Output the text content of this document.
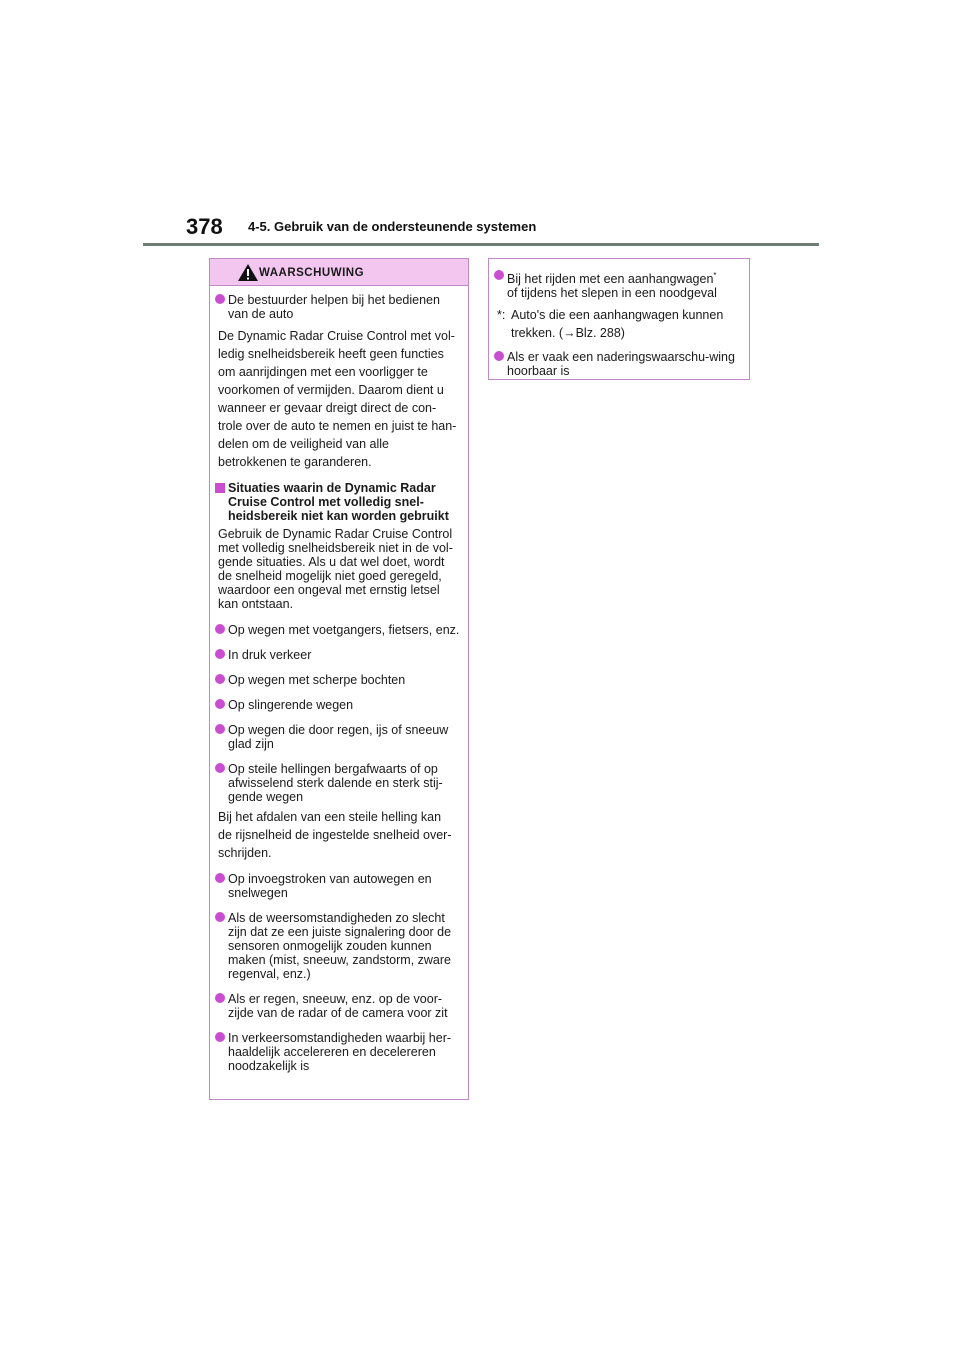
378 4-5. Gebruik van de ondersteunende systemen
WAARSCHUWING
De bestuurder helpen bij het bedienen van de auto
De Dynamic Radar Cruise Control met vol-
ledig snelheidsbereik heeft geen functies
om aanrijdingen met een voorligger te
voorkomen of vermijden. Daarom dient u
wanneer er gevaar dreigt direct de con-
trole over de auto te nemen en juist te han-
delen om de veiligheid van alle
betrokkenen te garanderen.
Situaties waarin de Dynamic Radar Cruise Control met volledig snel-heidsbereik niet kan worden gebruikt
Gebruik de Dynamic Radar Cruise Control met volledig snelheidsbereik niet in de vol-gende situaties. Als u dat wel doet, wordt de snelheid mogelijk niet goed geregeld, waardoor een ongeval met ernstig letsel kan ontstaan.
Op wegen met voetgangers, fietsers, enz.
In druk verkeer
Op wegen met scherpe bochten
Op slingerende wegen
Op wegen die door regen, ijs of sneeuw glad zijn
Op steile hellingen bergafwaarts of op afwisselend sterk dalende en sterk stij-gende wegen
Bij het afdalen van een steile helling kan
de rijsnelheid de ingestelde snelheid over-
schrijden.
Op invoegstroken van autowegen en snelwegen
Als de weersomstandigheden zo slecht zijn dat ze een juiste signalering door de sensoren onmogelijk zouden kunnen maken (mist, sneeuw, zandstorm, zware regenval, enz.)
Als er regen, sneeuw, enz. op de voor-zijde van de radar of de camera voor zit
In verkeersomstandigheden waarbij her-haaldelijk accelereren en decelereren noodzakelijk is
Bij het rijden met een aanhangwagen*
of tijdens het slepen in een noodgeval
*: Auto's die een aanhangwagen kunnen
trekken. (→Blz. 288)
Als er vaak een naderingswaarschu-wing hoorbaar is
